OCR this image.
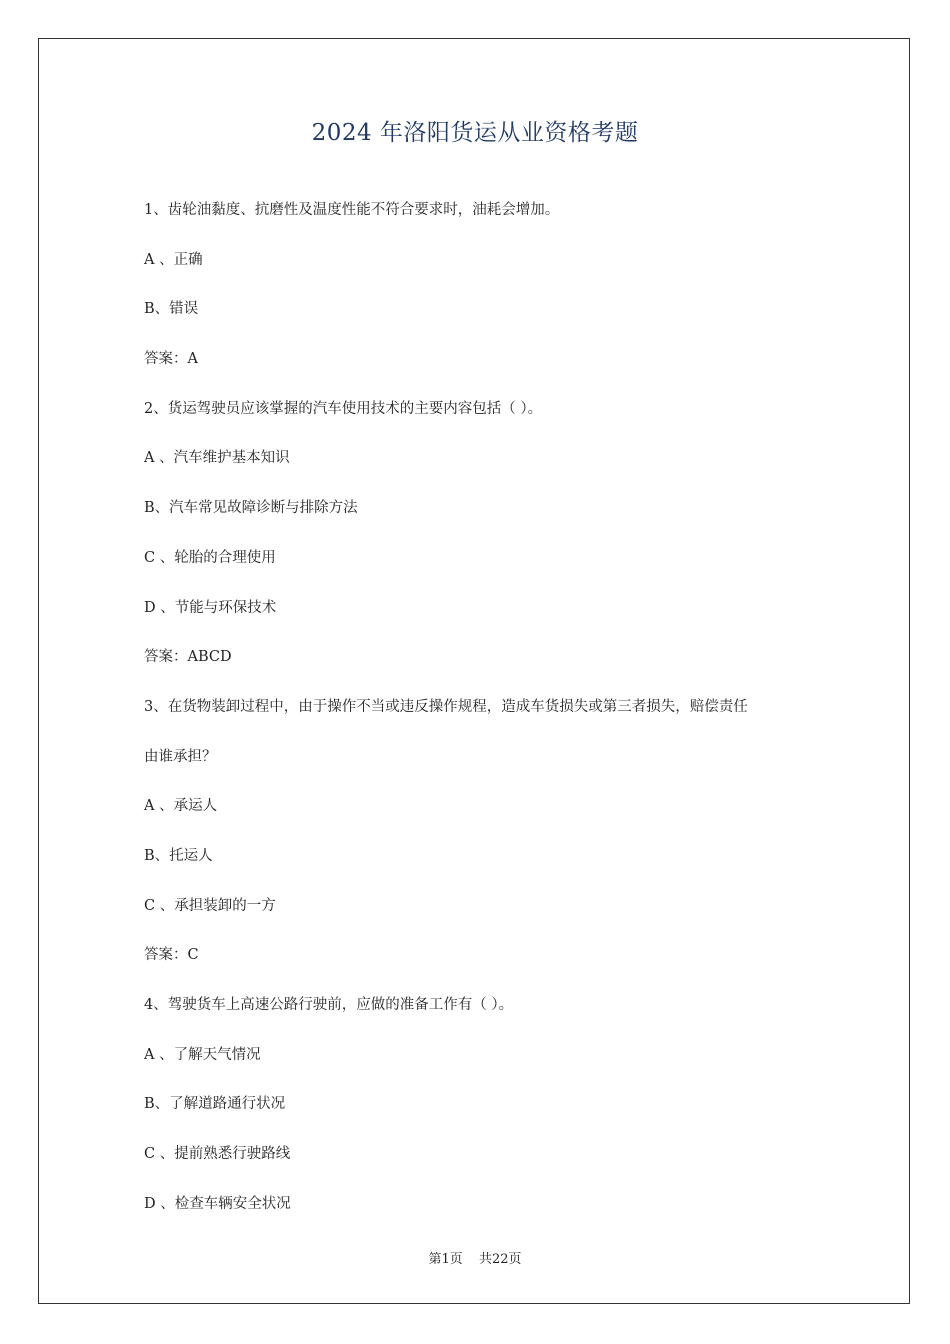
2024 年洛阳货运从业资格考题
1、齿轮油黏度、抗磨性及温度性能不符合要求时，油耗会增加。
A 、正确
B、错误
答案：A
2、货运驾驶员应该掌握的汽车使用技术的主要内容包括（ ）。
A 、汽车维护基本知识
B、汽车常见故障诊断与排除方法
C 、轮胎的合理使用
D 、节能与环保技术
答案：ABCD
3、在货物装卸过程中，由于操作不当或违反操作规程，造成车货损失或第三者损失，赔偿责任
由谁承担？
A 、承运人
B、托运人
C 、承担装卸的一方
答案：C
4、驾驶货车上高速公路行驶前，应做的准备工作有（ ）。
A 、了解天气情况
B、了解道路通行状况
C 、提前熟悉行驶路线
D 、检查车辆安全状况
第1页 共22页
